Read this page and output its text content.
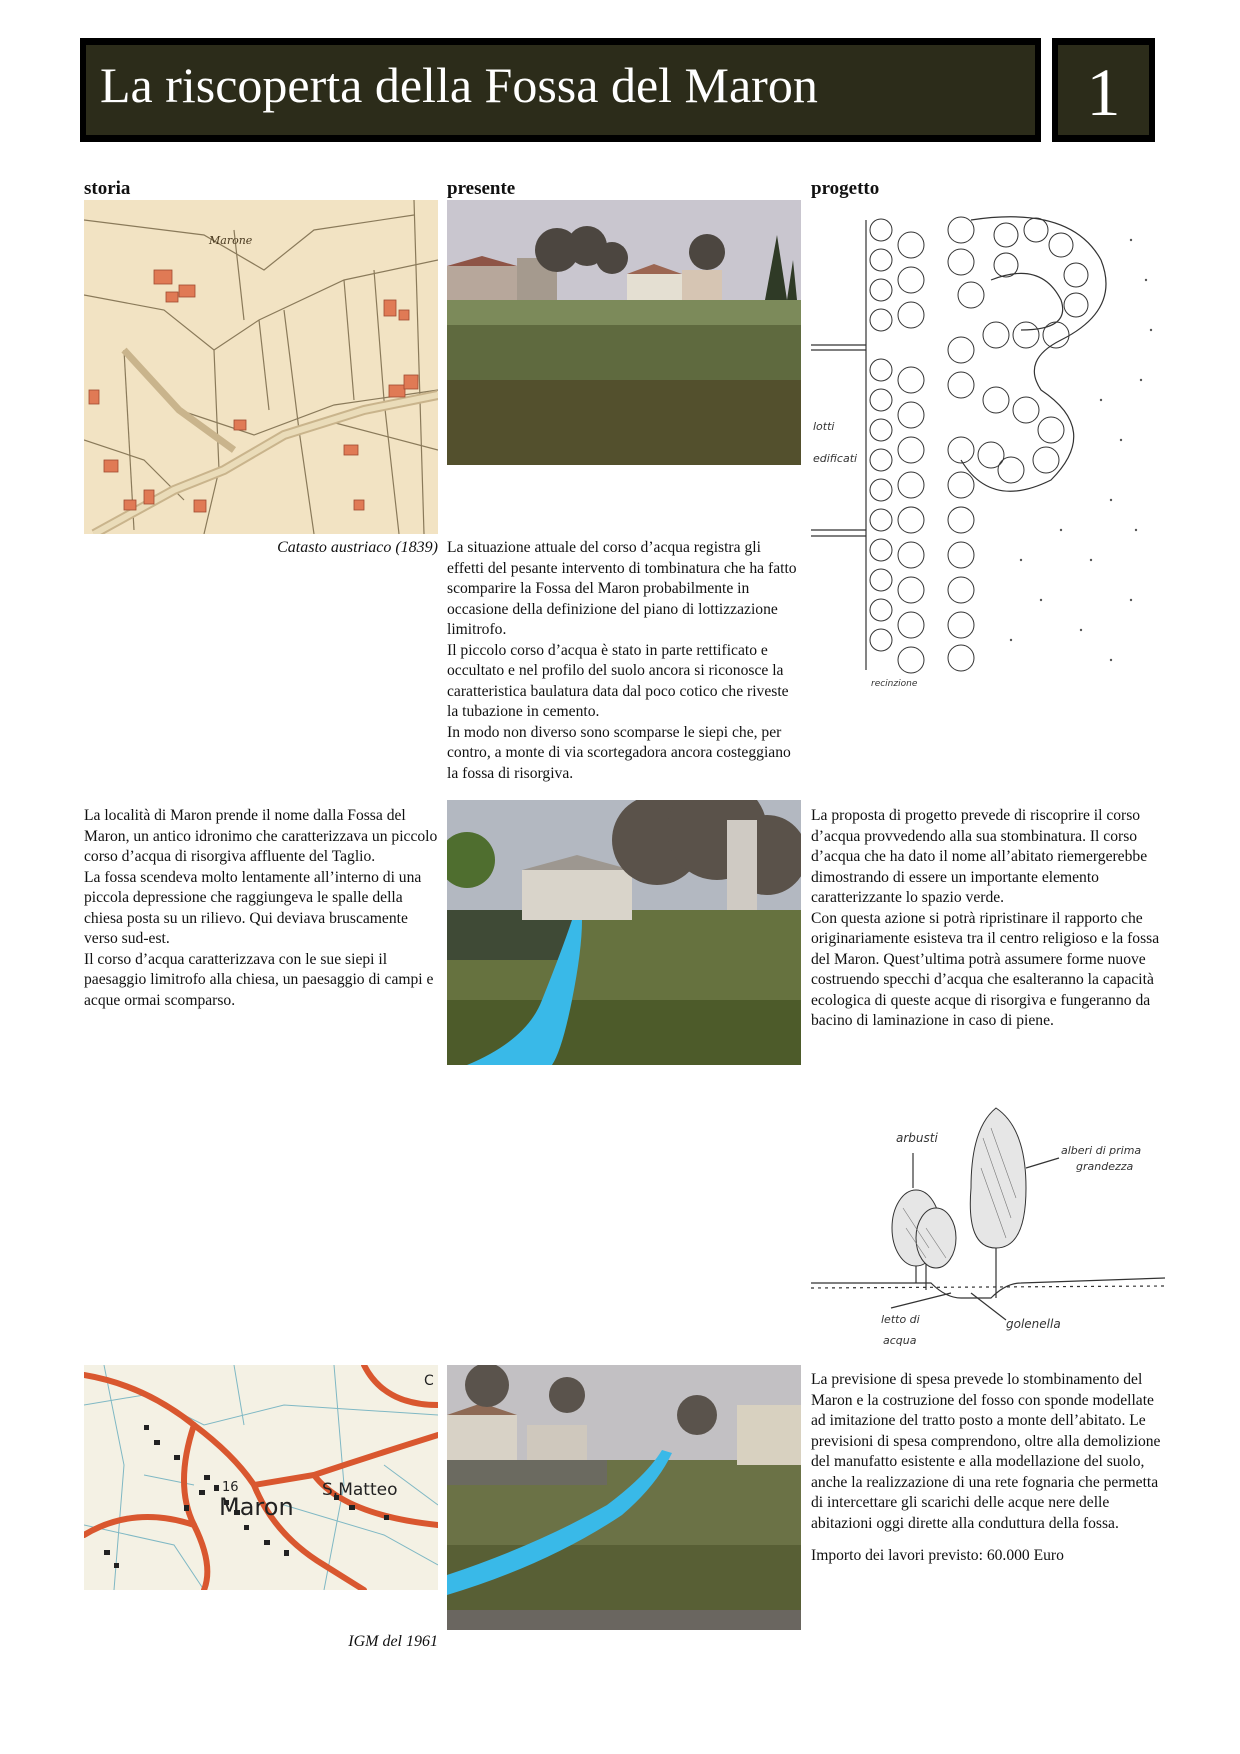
La riscoperta della Fossa del Maron	1
storia	presente	progetto
Marone
Catasto austriaco (1839) La situazione attuale del corso d’acqua registra gli effetti del pesante intervento di tombinatura che ha fatto scomparire la Fossa del Maron probabilmente in occasione della definizione del piano di lottizzazione limitrofo.

Il piccolo corso d’acqua è stato in parte rettificato e occultato e nel profilo del suolo ancora si riconosce la caratteristica baulatura data dal poco cotico che riveste la tubazione in cemento.

In modo non diverso sono scomparse le siepi che, per contro, a monte di via scortegadora ancora costeggiano la fossa di risorgiva.

lotti
edificati
recinzione

La località di Maron prende il nome dalla Fossa del Maron, un antico idronimo che caratterizzava un piccolo corso d’acqua di risorgiva affluente del Taglio.

La fossa scendeva molto lentamente all’interno di una piccola depressione che raggiungeva le spalle della chiesa posta su un rilievo. Qui deviava bruscamente verso sud-est.

Il corso d’acqua caratterizzava con le sue siepi il paesaggio limitrofo alla chiesa, un paesaggio di campi e acque ormai scomparso.

La proposta di progetto prevede di riscoprire il corso d’acqua provvedendo alla sua stombinatura. Il corso d’acqua che ha dato il nome all’abitato riemergerebbe dimostrando di essere un importante elemento caratterizzante lo spazio verde.

Con questa azione si potrà ripristinare il rapporto che originariamente esisteva tra il centro religioso e la fossa del Maron. Quest’ultima potrà assumere forme nuove costruendo specchi d’acqua che esalteranno la capacità ecologica di queste acque di risorgiva e fungeranno da bacino di laminazione in caso di piene.

arbusti
alberi di prima
grandezza
letto di
acqua
golenella

La previsione di spesa prevede lo stombinamento del Maron e la costruzione del fosso con sponde modellate ad imitazione del tratto posto a monte dell’abitato. Le previsioni di spesa comprendono, oltre alla demolizione del manufatto esistente e alla modellazione del suolo, anche la realizzazione di una rete fognaria che permetta di intercettare gli scarichi delle acque nere delle abitazioni oggi dirette alla conduttura della fossa.

Importo dei lavori previsto: 60.000 Euro

16
Maron
S.Matteo
C
IGM del 1961
